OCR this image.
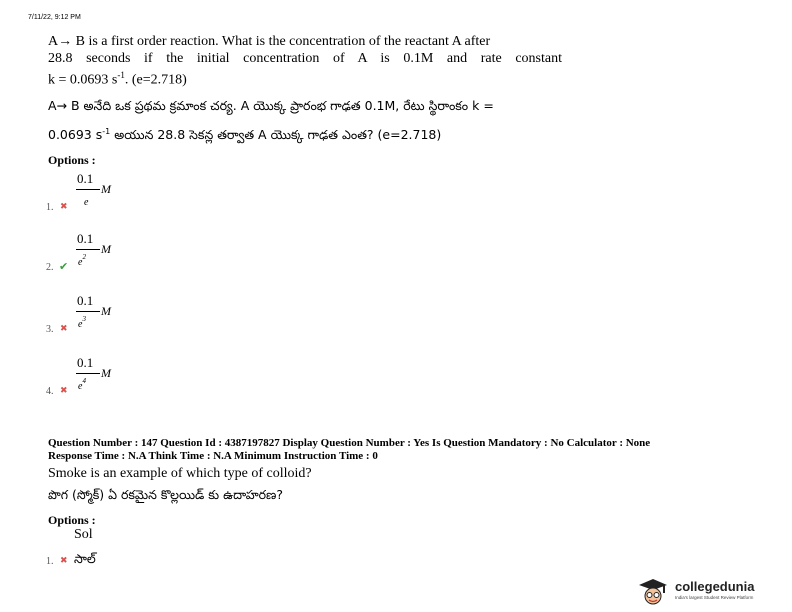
7/11/22, 9:12 PM
A→ B is a first order reaction. What is the concentration of the reactant A after
28.8 seconds if the initial concentration of A is 0.1M and rate constant
k = 0.0693 $s^{-1}$. (e=2.718)
A→ B అనేది ఒక ప్రథమ క్రమాంక చర్య. A యొక్క ప్రారంభ గాఢత 0.1M, రేటు స్థిరాంకం k =
0.0693 $s^{-1}$ అయున 28.8 సెకన్ల తర్వాత A యొక్క గాఢత ఎంత? (e=2.718)
Options :
0.1
M
e
1. ✖
0.1
M
$e^2$
2. ✔
0.1
M
$e^3$
3. ✖
0.1
M
$e^4$
4. ✖
Question Number : 147 Question Id : 4387197827 Display Question Number : Yes Is Question Mandatory : No Calculator : None
Response Time : N.A Think Time : N.A Minimum Instruction Time : 0
Smoke is an example of which type of colloid?
పొగ (స్మోక్) ఏ రకమైన కొల్లయిడ్ కు ఉదాహరణ?
Options :
Sol
1. ✖ సాల్
collegedunia
India's largest Student Review Platform
